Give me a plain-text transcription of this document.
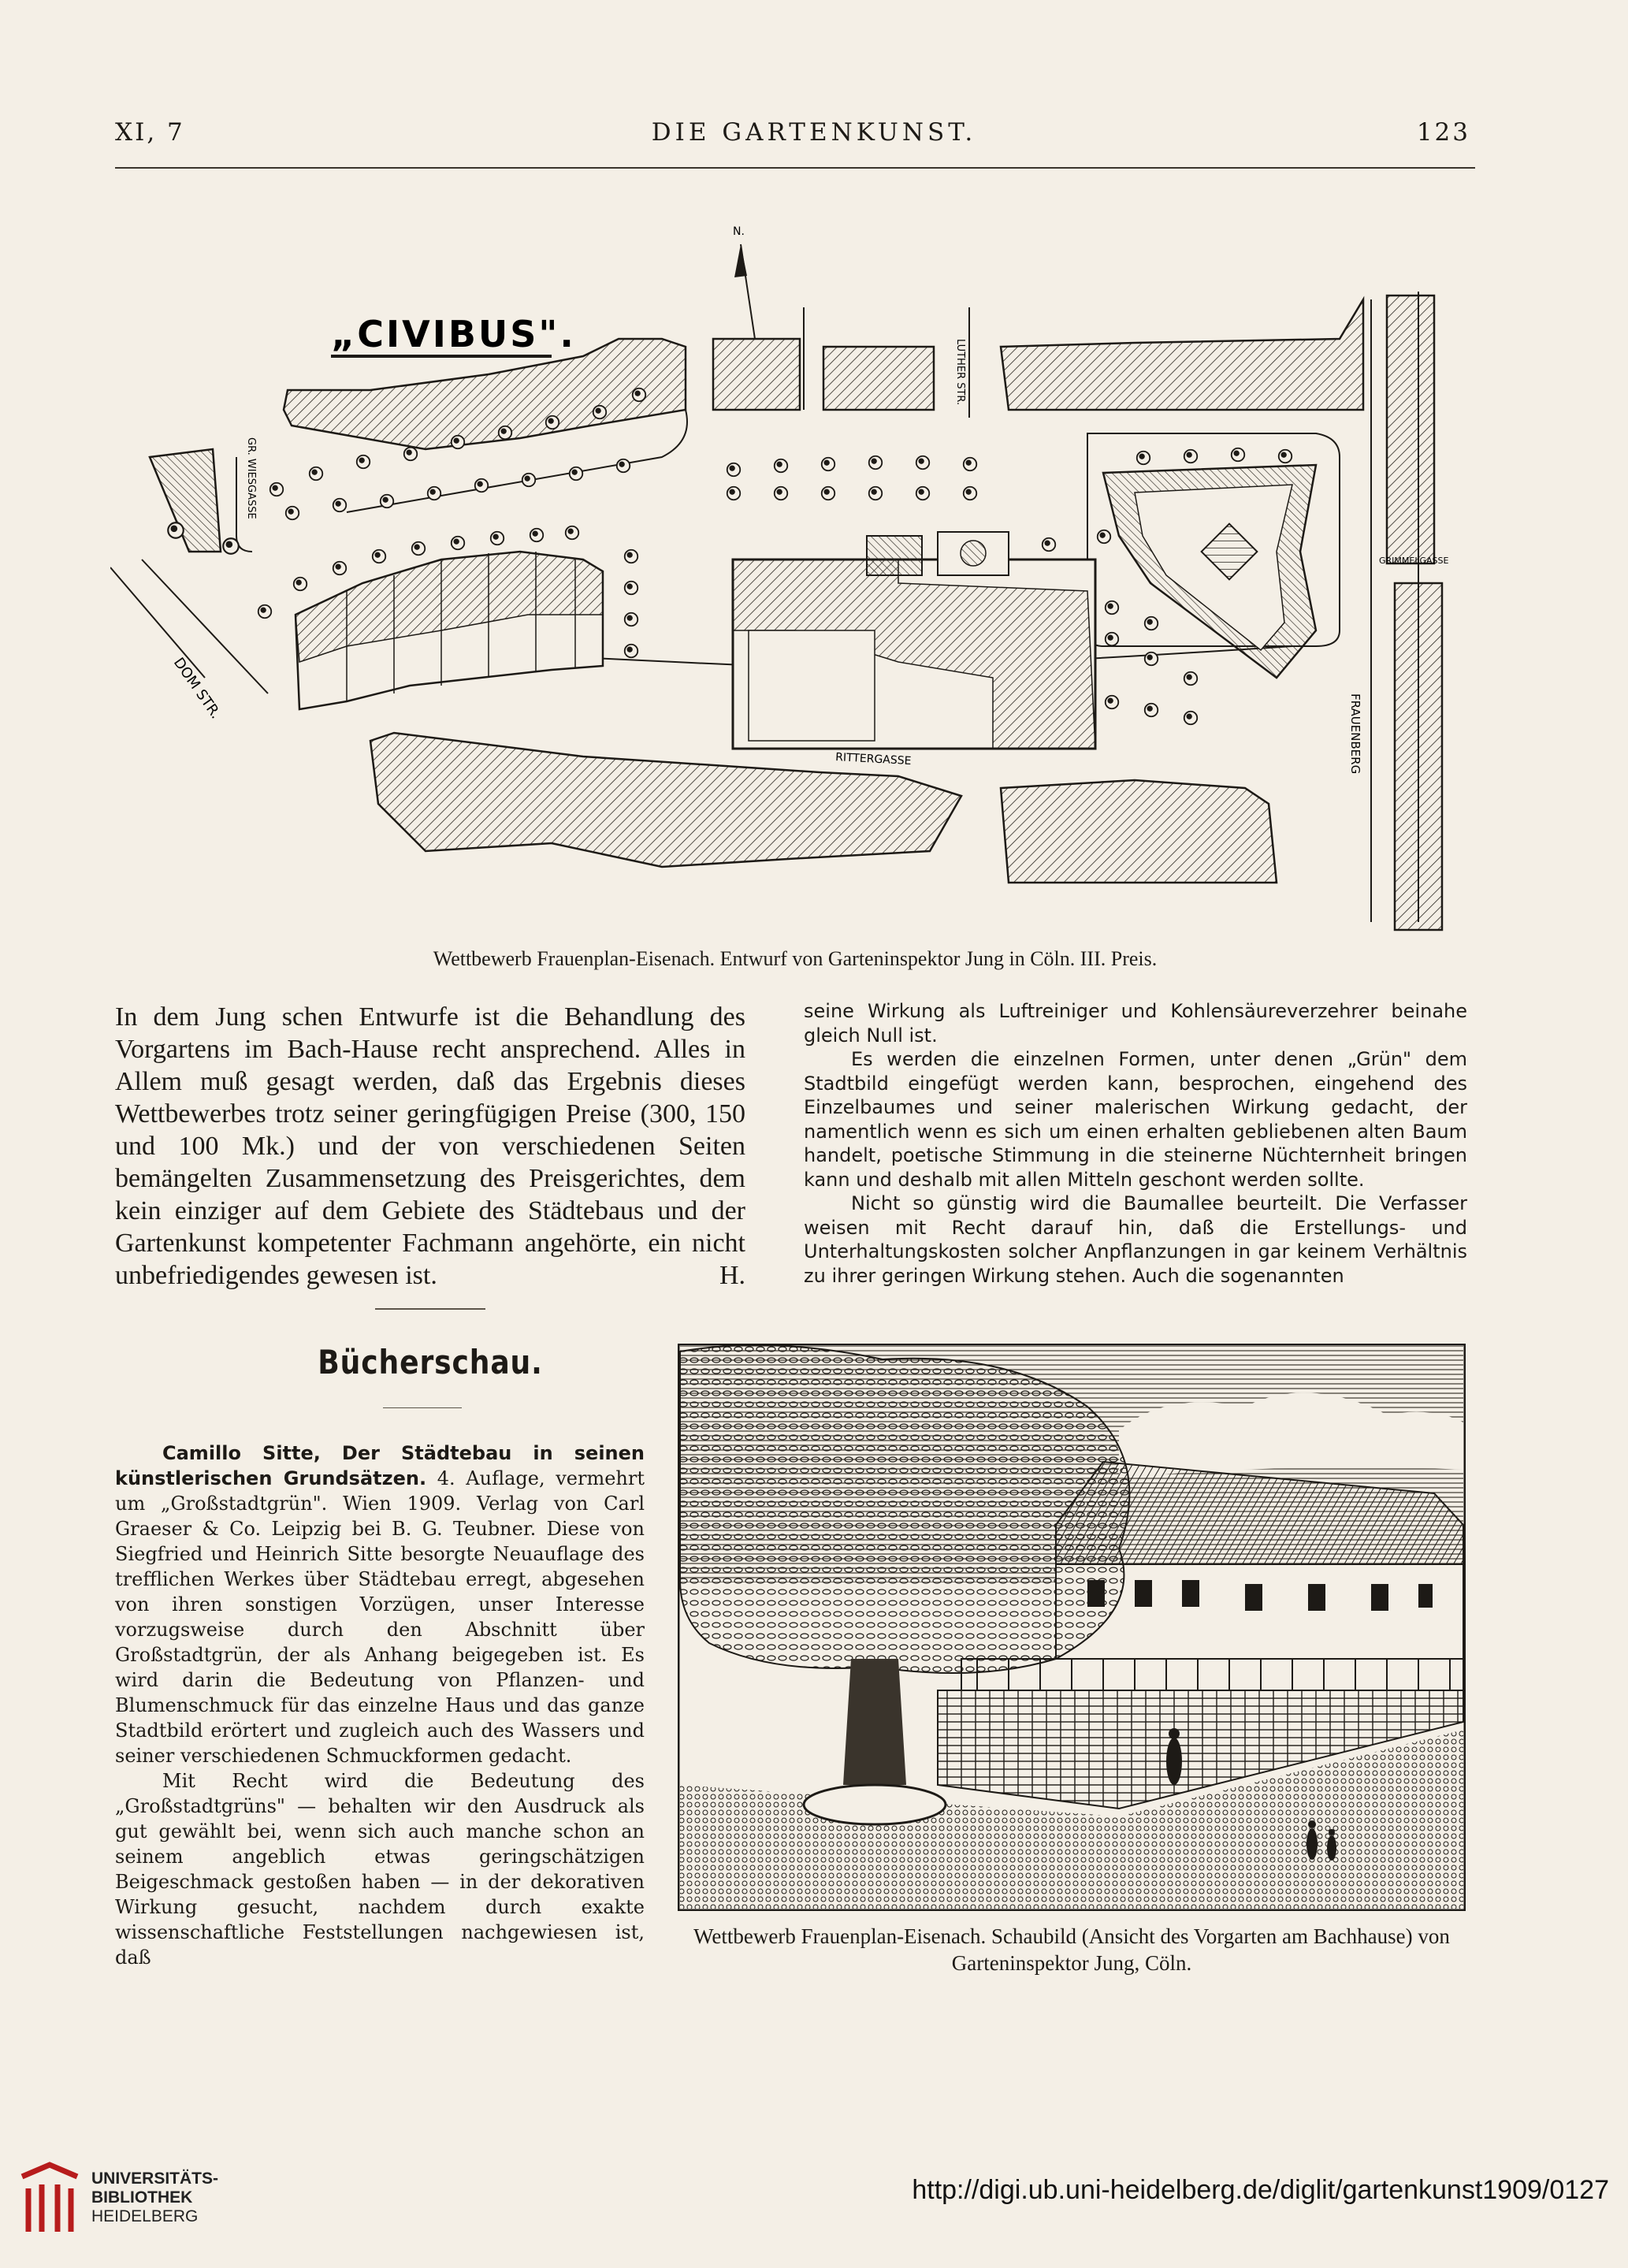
XI, 7	DIE GARTENKUNST.	123
„CIVIBUS".
N.
DOM STR.
GR. WIESGASSE
LUTHER STR.
RITTERGASSE	FRAUENBERG
GRIMMELGASSE
Wettbewerb Frauenplan-Eisenach. Entwurf von Garteninspektor Jung in Cöln. III. Preis.

In dem Jung schen Entwurfe ist die Behandlung des Vorgartens im Bach-Hause recht ansprechend. Alles in Allem muß gesagt werden, daß das Ergebnis dieses Wettbewerbes trotz seiner geringfügigen Preise (300, 150 und 100 Mk.) und der von verschiedenen Seiten bemängelten Zusammensetzung des Preisgerichtes, dem kein einziger auf dem Gebiete des Städtebaus und der Gartenkunst kompetenter Fachmann angehörte, ein nicht unbefriedigendes gewesen ist.	H.

seine Wirkung als Luftreiniger und Kohlensäureverzehrer beinahe gleich Null ist.

Es werden die einzelnen Formen, unter denen „Grün" dem Stadtbild eingefügt werden kann, besprochen, eingehend des Einzelbaumes und seiner malerischen Wirkung gedacht, der namentlich wenn es sich um einen erhalten gebliebenen alten Baum handelt, poetische Stimmung in die steinerne Nüchternheit bringen kann und deshalb mit allen Mitteln geschont werden sollte.

Nicht so günstig wird die Baumallee beurteilt. Die Verfasser weisen mit Recht darauf hin, daß die Erstellungs- und Unterhaltungskosten solcher Anpflanzungen in gar keinem Verhältnis zu ihrer geringen Wirkung stehen. Auch die sogenannten

Bücherschau.

Camillo Sitte, Der Städtebau in seinen künstlerischen Grundsätzen. 4. Auflage, vermehrt um „Großstadtgrün". Wien 1909. Verlag von Carl Graeser & Co. Leipzig bei B. G. Teubner. Diese von Siegfried und Heinrich Sitte besorgte Neuauflage des trefflichen Werkes über Städtebau erregt, abgesehen von ihren sonstigen Vorzügen, unser Interesse vorzugsweise durch den Abschnitt über Großstadtgrün, der als Anhang beigegeben ist. Es wird darin die Bedeutung von Pflanzen- und Blumenschmuck für das einzelne Haus und das ganze Stadtbild erörtert und zugleich auch des Wassers und seiner verschiedenen Schmuckformen gedacht.

Mit Recht wird die Bedeutung des „Großstadtgrüns" — behalten wir den Ausdruck als gut gewählt bei, wenn sich auch manche schon an seinem angeblich etwas geringschätzigen Beigeschmack gestoßen haben — in der dekorativen Wirkung gesucht, nachdem durch exakte wissenschaftliche Feststellungen nachgewiesen ist, daß

Wettbewerb Frauenplan-Eisenach. Schaubild (Ansicht des Vorgarten am Bachhause) von Garteninspektor Jung, Cöln.
UNIVERSITÄTS-
BIBLIOTHEK
HEIDELBERG
http://digi.ub.uni-heidelberg.de/diglit/gartenkunst1909/0127
